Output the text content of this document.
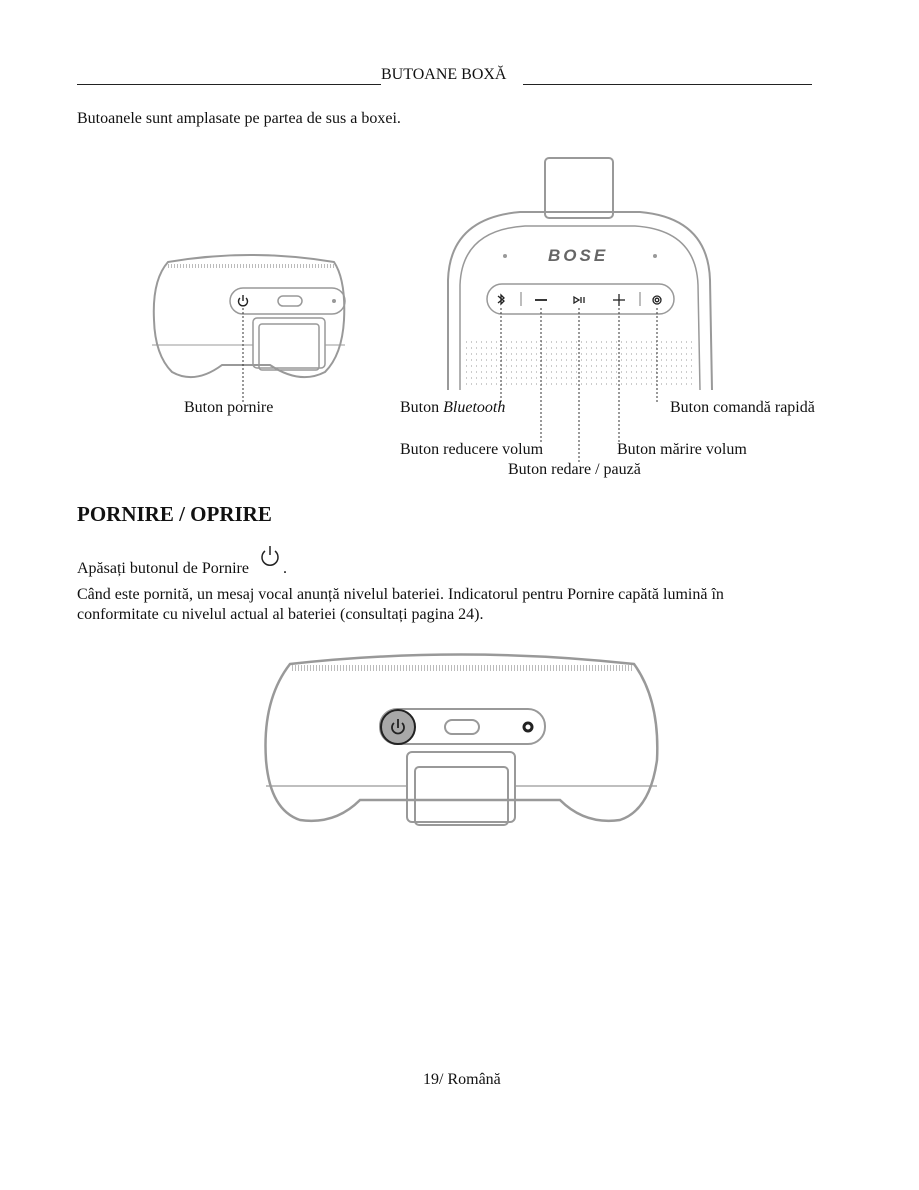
BUTOANE BOXĂ
Butoanele sunt amplasate pe partea de sus a boxei.
BOSE
Buton pornire	Buton Bluetooth	Buton comandă rapidă
Buton reducere volum	Buton mărire volum
Buton redare / pauză
PORNIRE / OPRIRE
Apăsați butonul de Pornire .
Când este pornită, un mesaj vocal anunță nivelul bateriei. Indicatorul pentru Pornire capătă lumină în
conformitate cu nivelul actual al bateriei (consultați pagina 24).
19/ Română
